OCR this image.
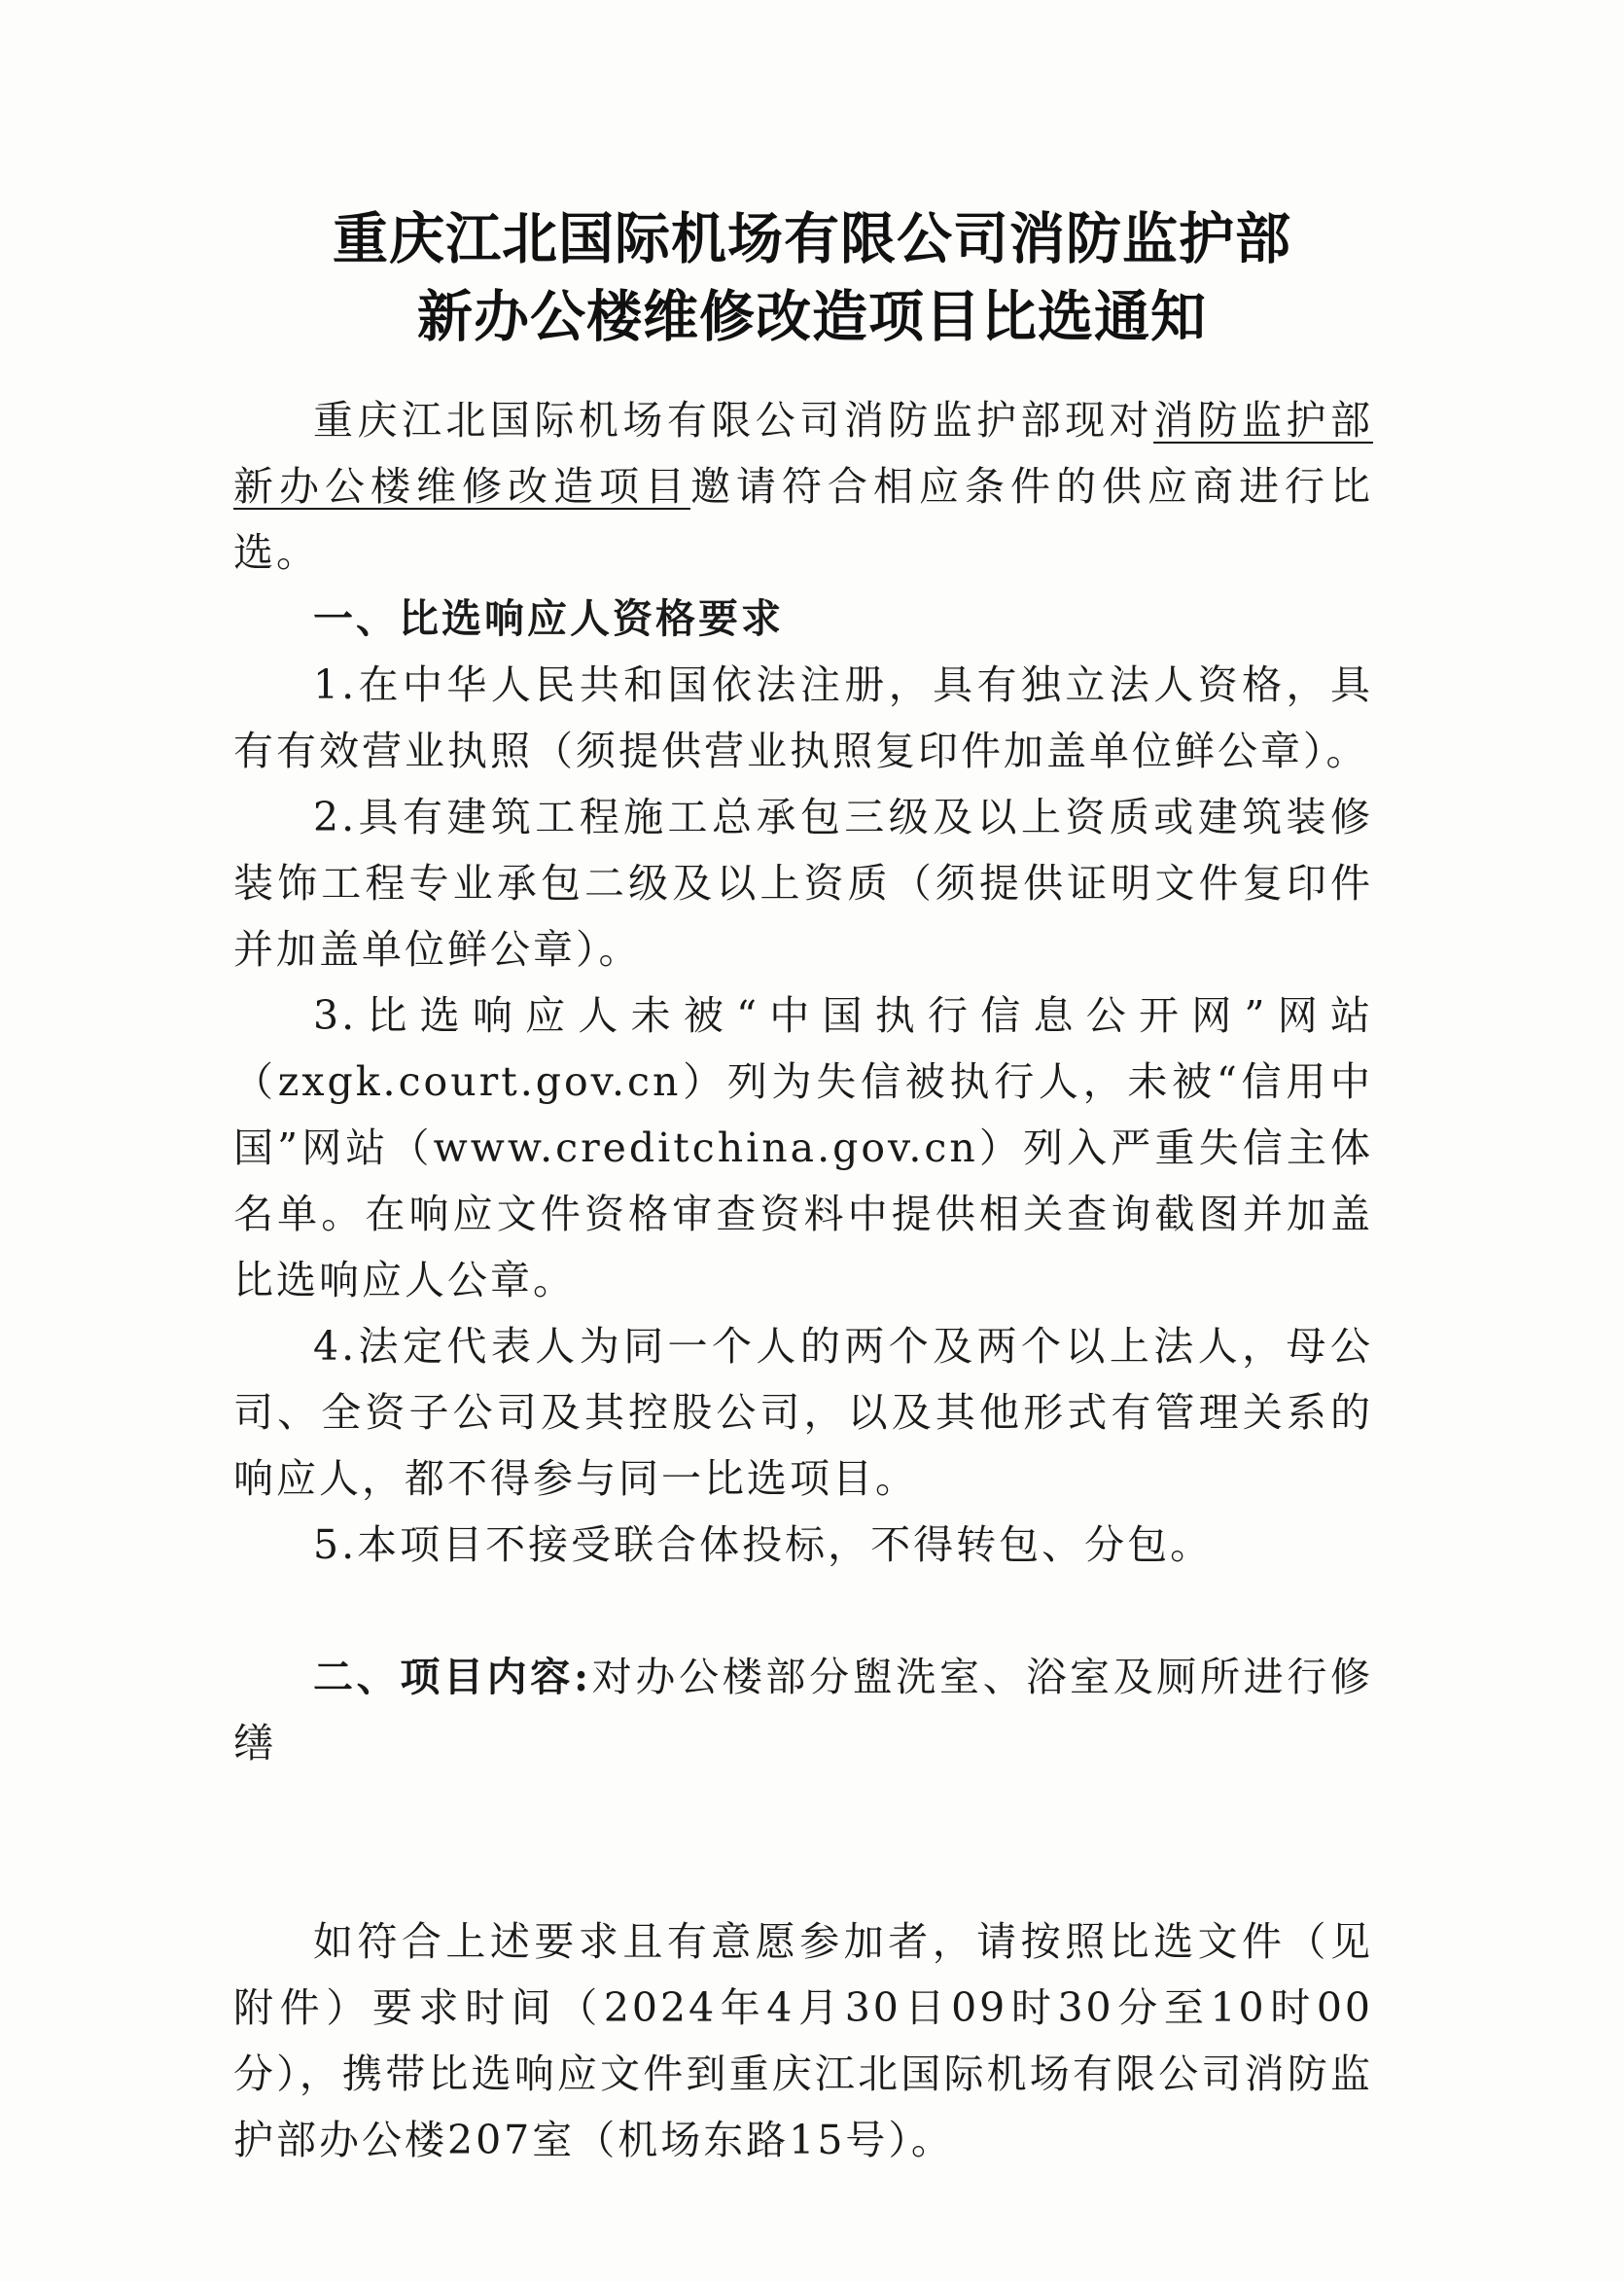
重庆江北国际机场有限公司消防监护部
新办公楼维修改造项目比选通知

重庆江北国际机场有限公司消防监护部现对消防监护部新办公楼维修改造项目邀请符合相应条件的供应商进行比选。

一、比选响应人资格要求

1.在中华人民共和国依法注册，具有独立法人资格，具有有效营业执照（须提供营业执照复印件加盖单位鲜公章）。

2.具有建筑工程施工总承包三级及以上资质或建筑装修装饰工程专业承包二级及以上资质（须提供证明文件复印件并加盖单位鲜公章）。

3.比选响应人未被“中国执行信息公开网”网站（zxgk.court.gov.cn）列为失信被执行人，未被“信用中国”网站（www.creditchina.gov.cn）列入严重失信主体名单。在响应文件资格审查资料中提供相关查询截图并加盖比选响应人公章。

4.法定代表人为同一个人的两个及两个以上法人，母公司、全资子公司及其控股公司，以及其他形式有管理关系的响应人，都不得参与同一比选项目。

5.本项目不接受联合体投标，不得转包、分包。

二、项目内容:对办公楼部分盥洗室、浴室及厕所进行修缮

如符合上述要求且有意愿参加者，请按照比选文件（见附件）要求时间（2024年4月30日09时30分至10时00分），携带比选响应文件到重庆江北国际机场有限公司消防监护部办公楼207室（机场东路15号）。
